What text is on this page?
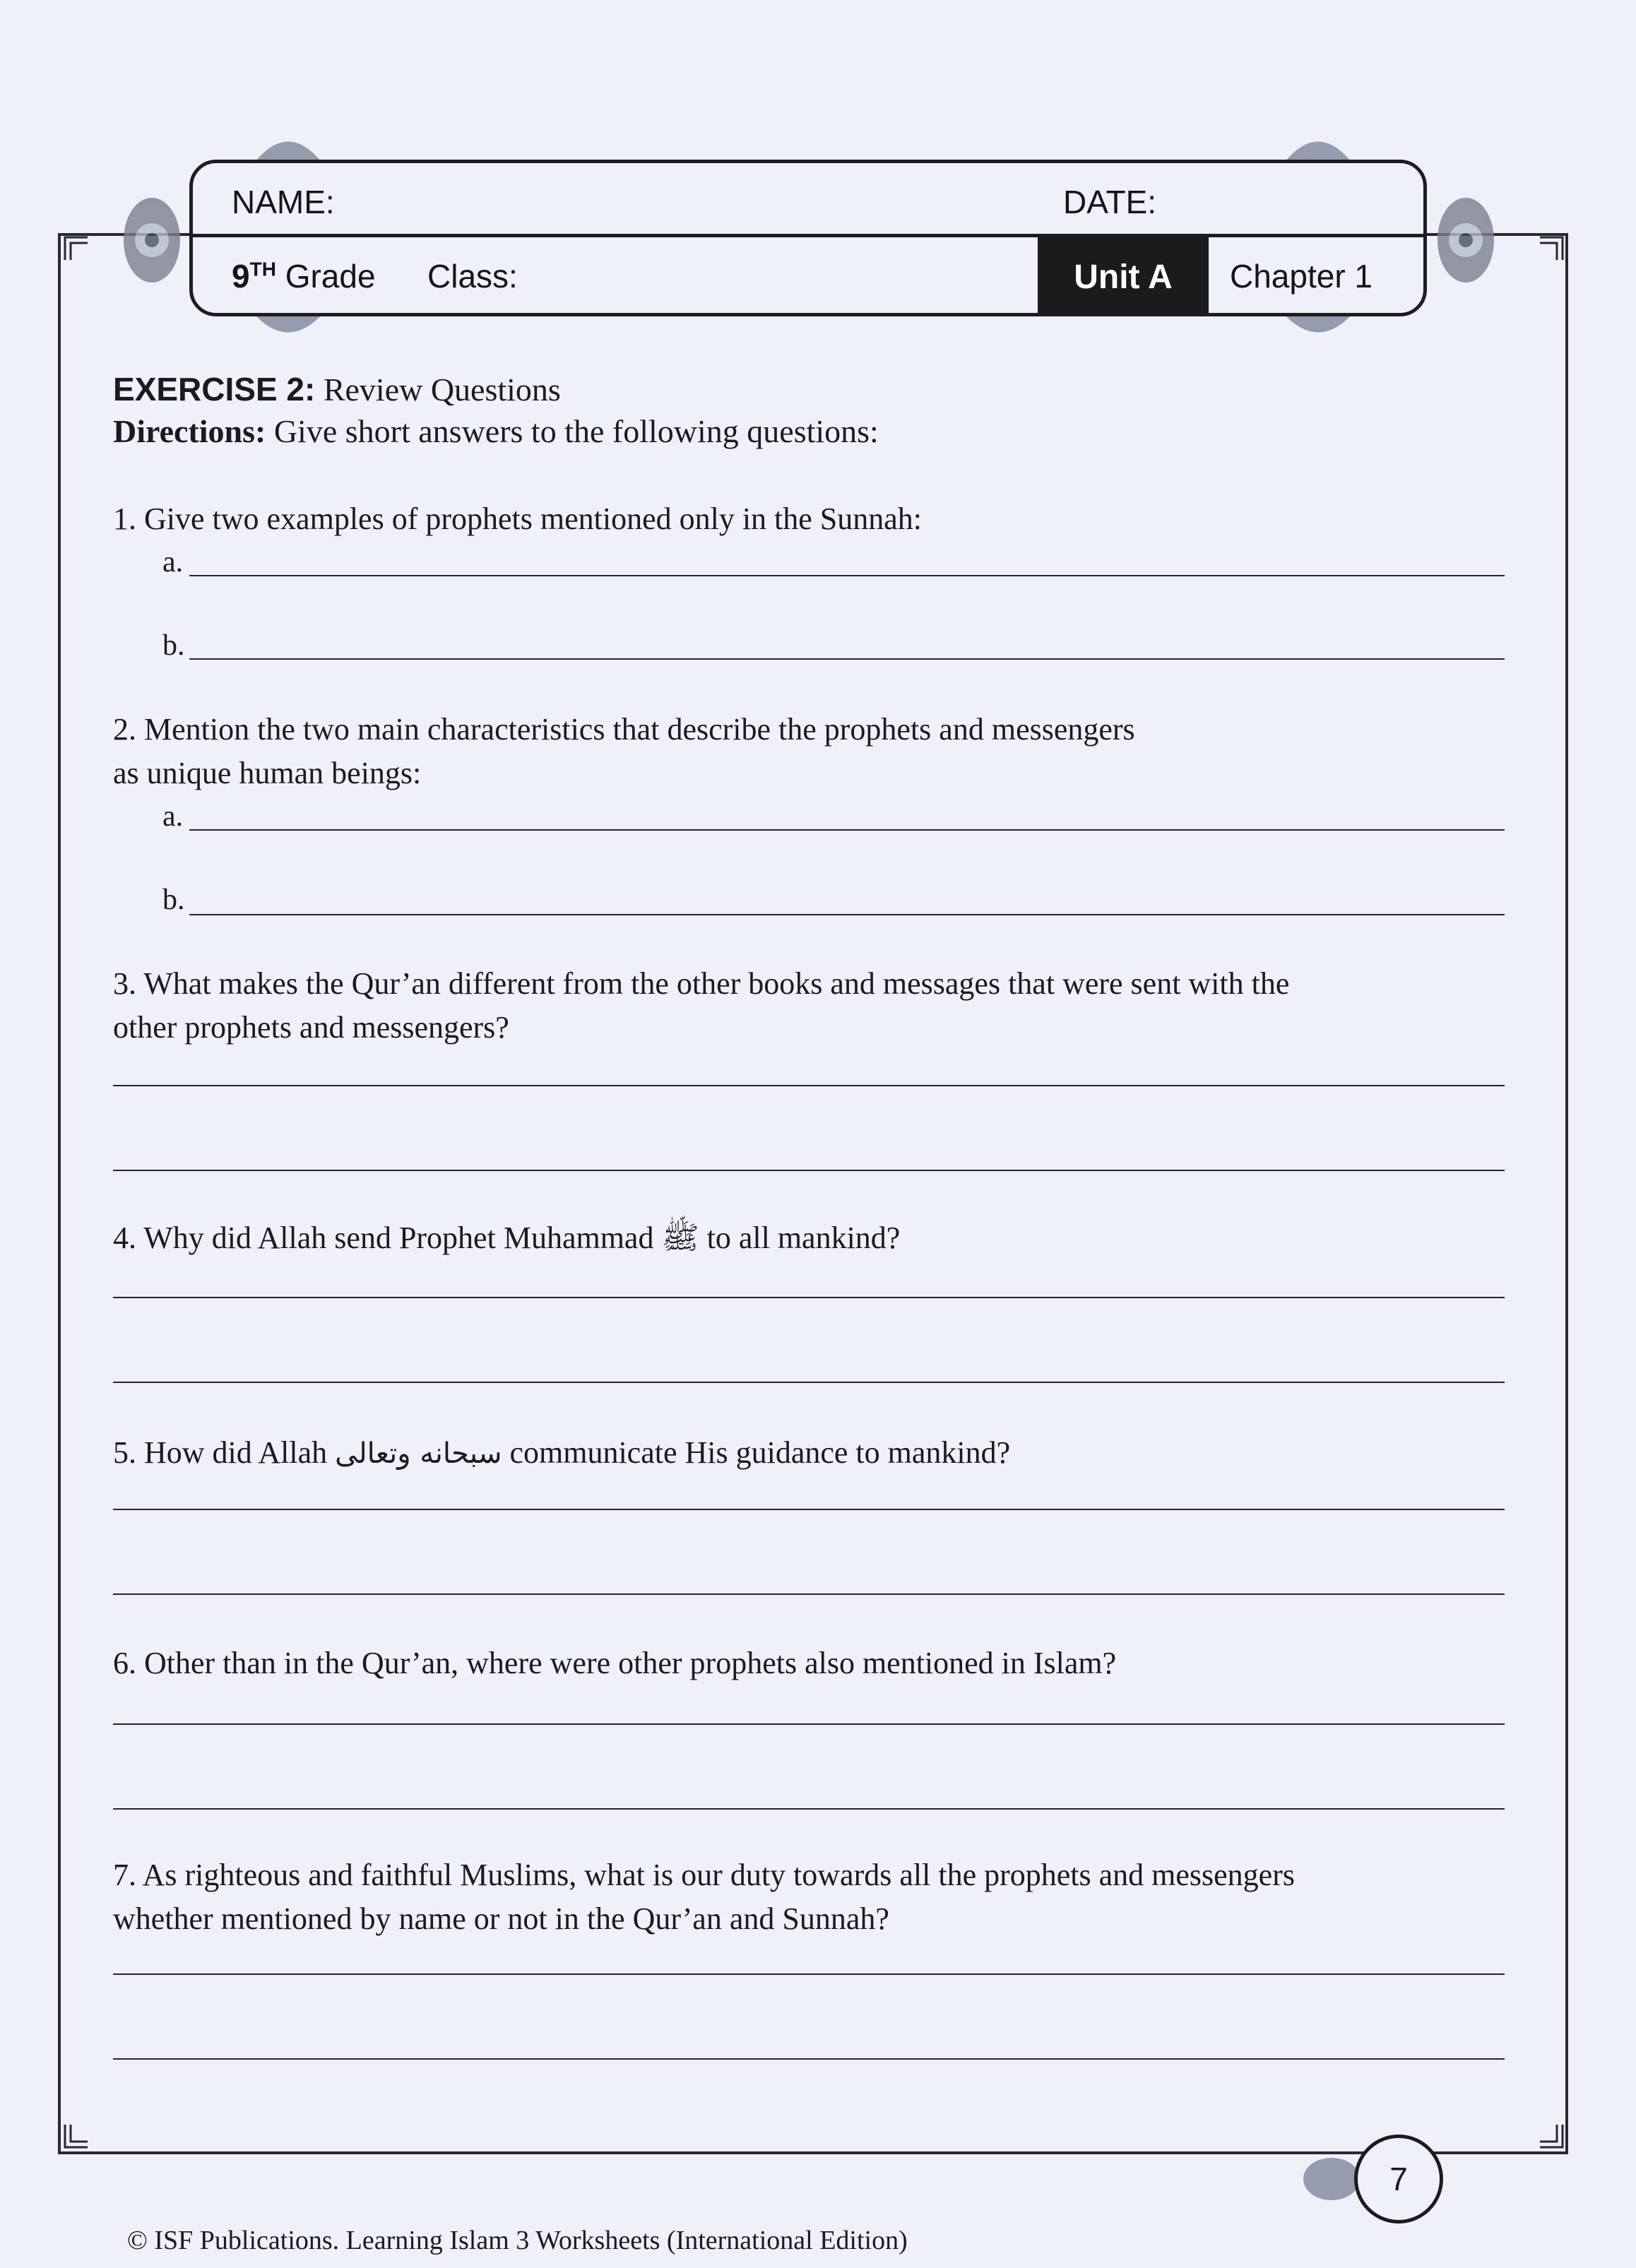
NAME:	DATE:
9TH Grade Class:	Unit A	Chapter 1
EXERCISE 2: Review Questions
Directions: Give short answers to the following questions:
1. Give two examples of prophets mentioned only in the Sunnah:
a.
b.
2. Mention the two main characteristics that describe the prophets and messengers
as unique human beings:
a.
b.
3. What makes the Qur’an different from the other books and messages that were sent with the
other prophets and messengers?
4. Why did Allah send Prophet Muhammad ﷺ to all mankind?
5. How did Allah سبحانه وتعالى communicate His guidance to mankind?
6. Other than in the Qur’an, where were other prophets also mentioned in Islam?
7. As righteous and faithful Muslims, what is our duty towards all the prophets and messengers
whether mentioned by name or not in the Qur’an and Sunnah?
7
© ISF Publications. Learning Islam 3 Worksheets (International Edition)
